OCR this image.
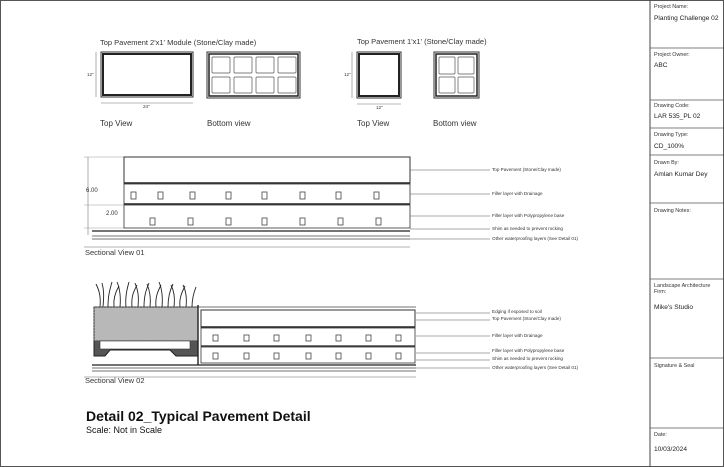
Top Pavement 2'x1' Module (Stone/Clay made)	Top Pavement 1'x1' (Stone/Clay made)
12"
24"
12"
12"
Top View	Bottom view	Top View	Bottom view
6.00
2.00
Top Pavement (Stone/Clay made)
Filler layer with Drainage
Filler layer with Polypropylene base
Shim as needed to prevent rocking
Other waterproofing layers (See Detail 01)
Sectional View 01
Edging if exposed to soil
Top Pavement (Stone/Clay made)
Filler layer with Drainage
Filler layer with Polypropylene base
Shim as needed to prevent rocking
Other waterproofing layers (See Detail 01)
Sectional View 02
Detail 02_Typical Pavement Detail
Scale: Not in Scale
Project Name:
Planting Challenge 02
Project Owner:
ABC
Drawing Code:
LAR 535_PL 02
Drawing Type:
CD_100%
Drawn By:
Amlan Kumar Dey
Drawing Notes:
Landscape Architecture Firm:
Mike's Studio
Signature & Seal
Date:
10/03/2024
